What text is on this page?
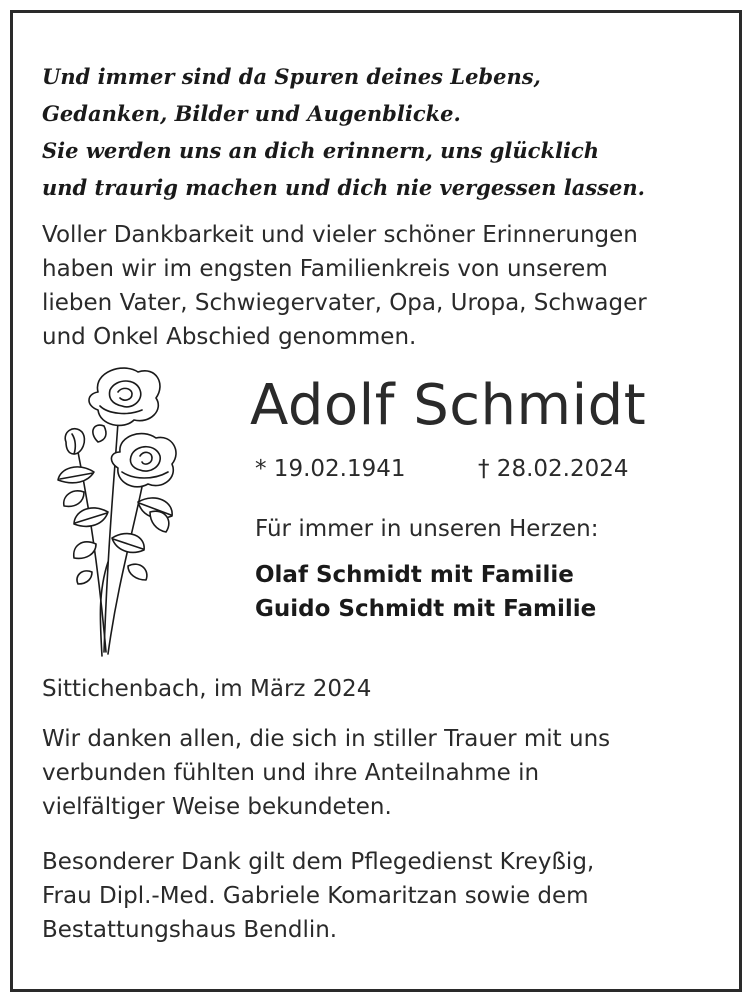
Und immer sind da Spuren deines Lebens,
Gedanken, Bilder und Augenblicke.
Sie werden uns an dich erinnern, uns glücklich
und traurig machen und dich nie vergessen lassen.
Voller Dankbarkeit und vieler schöner Erinnerungen
haben wir im engsten Familienkreis von unserem
lieben Vater, Schwiegervater, Opa, Uropa, Schwager
und Onkel Abschied genommen.
Adolf Schmidt
* 19.02.1941	† 28.02.2024
Für immer in unseren Herzen:
Olaf Schmidt mit Familie
Guido Schmidt mit Familie
Sittichenbach, im März 2024
Wir danken allen, die sich in stiller Trauer mit uns
verbunden fühlten und ihre Anteilnahme in
vielfältiger Weise bekundeten.
Besonderer Dank gilt dem Pflegedienst Kreyßig,
Frau Dipl.-Med. Gabriele Komaritzan sowie dem
Bestattungshaus Bendlin.
